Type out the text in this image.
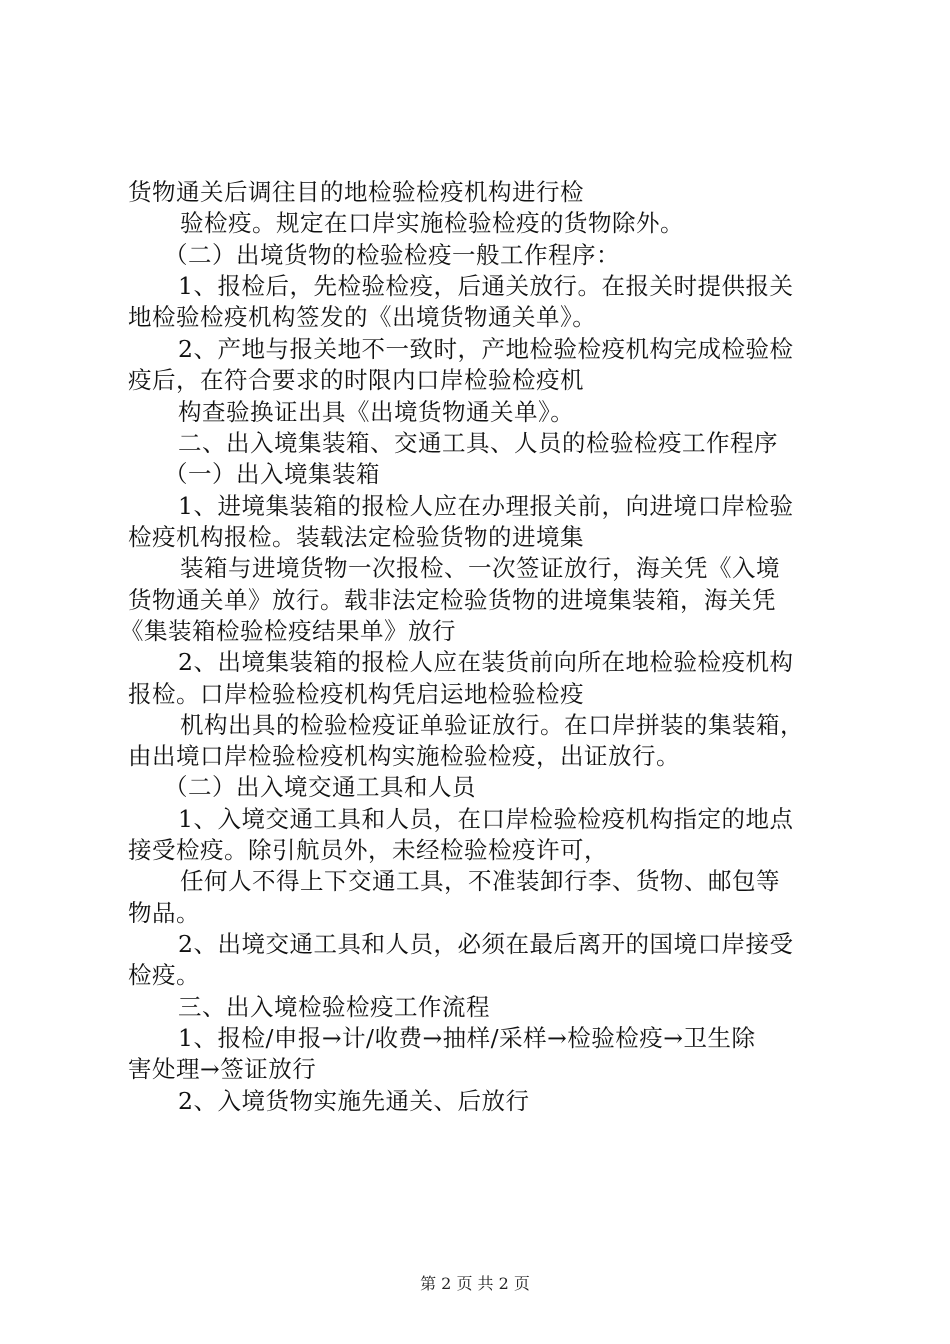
货物通关后调往目的地检验检疫机构进行检
验检疫。规定在口岸实施检验检疫的货物除外。
（二）出境货物的检验检疫一般工作程序：
1、报检后，先检验检疫，后通关放行。在报关时提供报关
地检验检疫机构签发的《出境货物通关单》。
2、产地与报关地不一致时，产地检验检疫机构完成检验检
疫后，在符合要求的时限内口岸检验检疫机
构查验换证出具《出境货物通关单》。
二、出入境集装箱、交通工具、人员的检验检疫工作程序
（一）出入境集装箱
1、进境集装箱的报检人应在办理报关前，向进境口岸检验
检疫机构报检。装载法定检验货物的进境集
装箱与进境货物一次报检、一次签证放行，海关凭《入境
货物通关单》放行。载非法定检验货物的进境集装箱，海关凭
《集装箱检验检疫结果单》放行
2、出境集装箱的报检人应在装货前向所在地检验检疫机构
报检。口岸检验检疫机构凭启运地检验检疫
机构出具的检验检疫证单验证放行。在口岸拼装的集装箱，
由出境口岸检验检疫机构实施检验检疫，出证放行。
（二）出入境交通工具和人员
1、入境交通工具和人员，在口岸检验检疫机构指定的地点
接受检疫。除引航员外，未经检验检疫许可，
任何人不得上下交通工具，不准装卸行李、货物、邮包等
物品。
2、出境交通工具和人员，必须在最后离开的国境口岸接受
检疫。
三、出入境检验检疫工作流程
1、报检/申报→计/收费→抽样/采样→检验检疫→卫生除
害处理→签证放行
2、入境货物实施先通关、后放行
第 2 页 共 2 页
